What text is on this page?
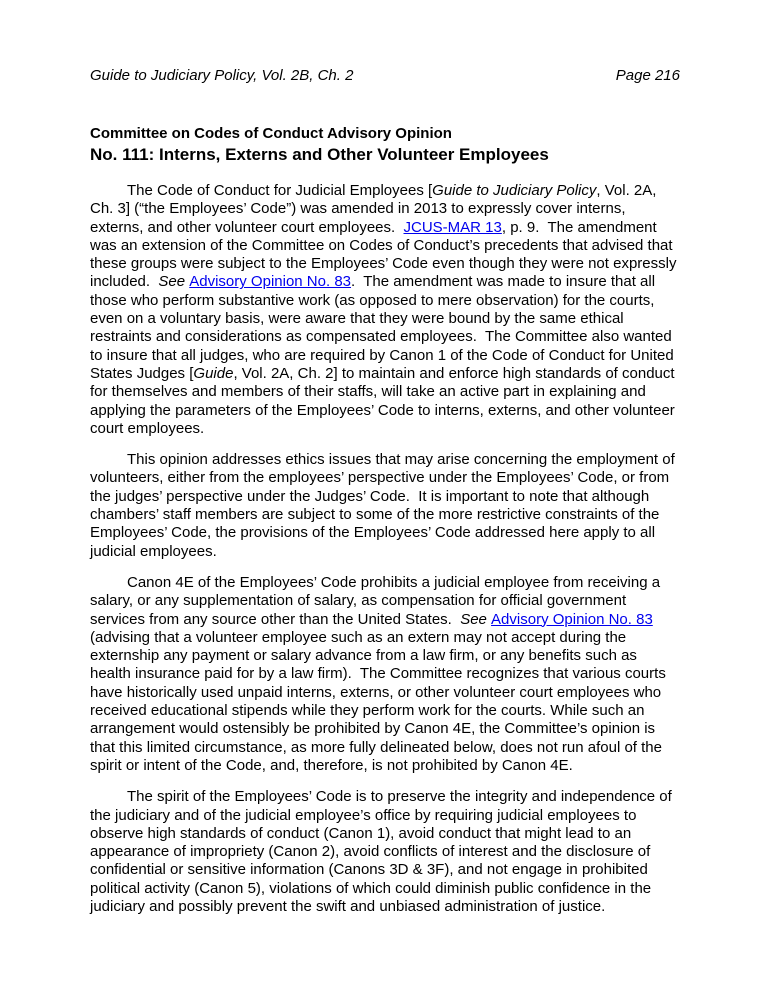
Guide to Judiciary Policy, Vol. 2B, Ch. 2	Page 216
Committee on Codes of Conduct Advisory Opinion
No. 111: Interns, Externs and Other Volunteer Employees

The Code of Conduct for Judicial Employees [Guide to Judiciary Policy, Vol. 2A, Ch. 3] (“the Employees’ Code”) was amended in 2013 to expressly cover interns, externs, and other volunteer court employees.  JCUS-MAR 13, p. 9.  The amendment was an extension of the Committee on Codes of Conduct’s precedents that advised that these groups were subject to the Employees’ Code even though they were not expressly included.  See Advisory Opinion No. 83.  The amendment was made to insure that all those who perform substantive work (as opposed to mere observation) for the courts, even on a voluntary basis, were aware that they were bound by the same ethical restraints and considerations as compensated employees.  The Committee also wanted to insure that all judges, who are required by Canon 1 of the Code of Conduct for United States Judges [Guide, Vol. 2A, Ch. 2] to maintain and enforce high standards of conduct for themselves and members of their staffs, will take an active part in explaining and applying the parameters of the Employees’ Code to interns, externs, and other volunteer court employees.

This opinion addresses ethics issues that may arise concerning the employment of volunteers, either from the employees’ perspective under the Employees’ Code, or from the judges’ perspective under the Judges’ Code.  It is important to note that although chambers’ staff members are subject to some of the more restrictive constraints of the Employees’ Code, the provisions of the Employees’ Code addressed here apply to all judicial employees.

Canon 4E of the Employees’ Code prohibits a judicial employee from receiving a salary, or any supplementation of salary, as compensation for official government services from any source other than the United States.  See Advisory Opinion No. 83 (advising that a volunteer employee such as an extern may not accept during the externship any payment or salary advance from a law firm, or any benefits such as health insurance paid for by a law firm).  The Committee recognizes that various courts have historically used unpaid interns, externs, or other volunteer court employees who received educational stipends while they perform work for the courts. While such an arrangement would ostensibly be prohibited by Canon 4E, the Committee’s opinion is that this limited circumstance, as more fully delineated below, does not run afoul of the spirit or intent of the Code, and, therefore, is not prohibited by Canon 4E.

The spirit of the Employees’ Code is to preserve the integrity and independence of the judiciary and of the judicial employee’s office by requiring judicial employees to observe high standards of conduct (Canon 1), avoid conduct that might lead to an appearance of impropriety (Canon 2), avoid conflicts of interest and the disclosure of confidential or sensitive information (Canons 3D & 3F), and not engage in prohibited political activity (Canon 5), violations of which could diminish public confidence in the judiciary and possibly prevent the swift and unbiased administration of justice.
